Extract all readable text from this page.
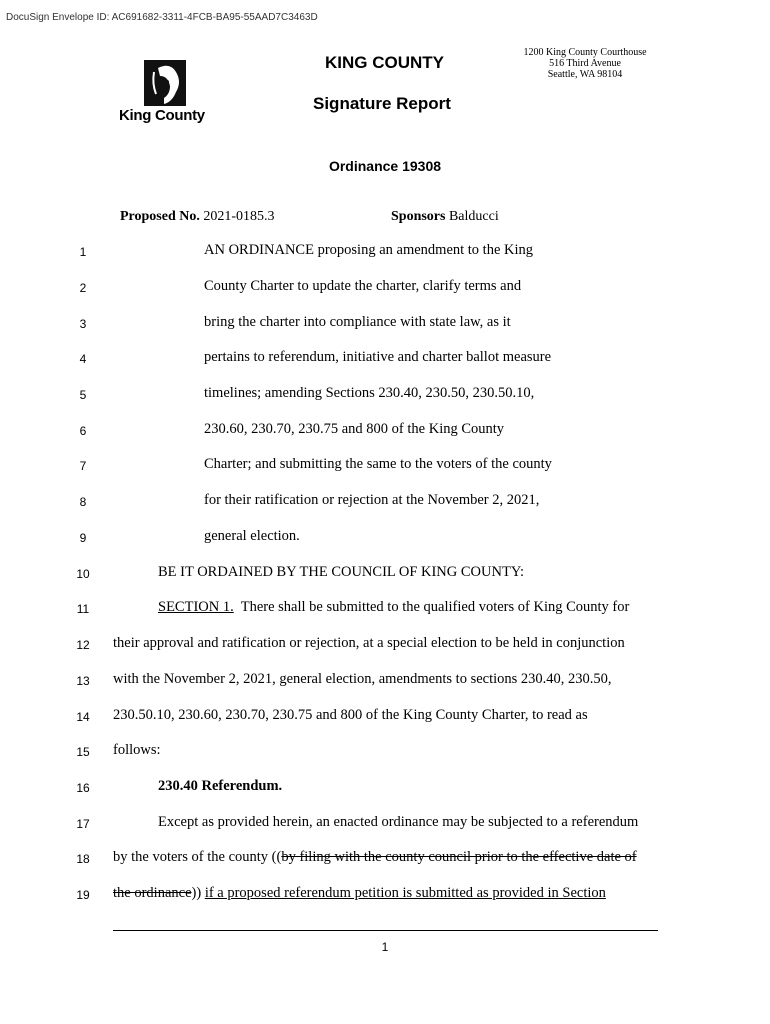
DocuSign Envelope ID: AC691682-3311-4FCB-BA95-55AAD7C3463D
King County
KING COUNTY
Signature Report
1200 King County Courthouse
516 Third Avenue
Seattle, WA 98104
Ordinance 19308
Proposed No. 2021-0185.3	Sponsors Balducci
1
2
3
4
5
6
7
8
9
10
11
12
13
14
15
16
17
18
19
AN ORDINANCE proposing an amendment to the King
County Charter to update the charter, clarify terms and
bring the charter into compliance with state law, as it
pertains to referendum, initiative and charter ballot measure
timelines; amending Sections 230.40, 230.50, 230.50.10,
230.60, 230.70, 230.75 and 800 of the King County
Charter; and submitting the same to the voters of the county
for their ratification or rejection at the November 2, 2021,
general election.
BE IT ORDAINED BY THE COUNCIL OF KING COUNTY:
SECTION 1. There shall be submitted to the qualified voters of King County for
their approval and ratification or rejection, at a special election to be held in conjunction
with the November 2, 2021, general election, amendments to sections 230.40, 230.50,
230.50.10, 230.60, 230.70, 230.75 and 800 of the King County Charter, to read as
follows:
230.40 Referendum.
Except as provided herein, an enacted ordinance may be subjected to a referendum
by the voters of the county ((by filing with the county council prior to the effective date of
the ordinance)) if a proposed referendum petition is submitted as provided in Section
1
